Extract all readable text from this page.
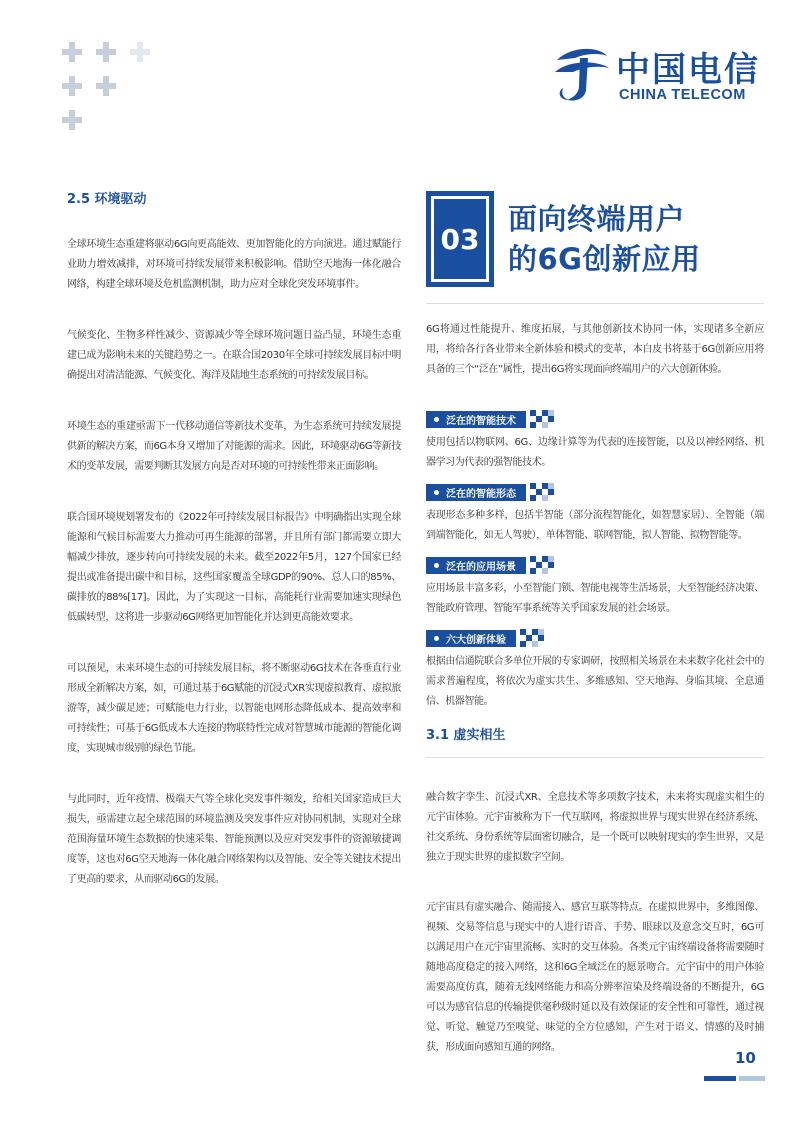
中国电信
CHINA TELECOM
2.5 环境驱动

全球环境生态重建将驱动6G向更高能效、更加智能化的方向演进。通过赋能行业助力增效减排，对环境可持续发展带来积极影响。借助空天地海一体化融合网络，构建全球环境及危机监测机制，助力应对全球化突发环境事件。

气候变化、生物多样性减少、资源减少等全球环境问题日益凸显，环境生态重建已成为影响未来的关键趋势之一。在联合国2030年全球可持续发展目标中明确提出对清洁能源、气候变化、海洋及陆地生态系统的可持续发展目标。

环境生态的重建亟需下一代移动通信等新技术变革，为生态系统可持续发展提供新的解决方案，而6G本身又增加了对能源的需求。因此，环境驱动6G等新技术的变革发展，需要判断其发展方向是否对环境的可持续性带来正面影响。

联合国环境规划署发布的《2022年可持续发展目标报告》中明确指出实现全球能源和气候目标需要大力推动可再生能源的部署，并且所有部门都需要立即大幅减少排放，逐步转向可持续发展的未来。截至2022年5月，127个国家已经提出或准备提出碳中和目标，这些国家覆盖全球GDP的90%、总人口的85%、碳排放的88%[17]。因此，为了实现这一目标，高能耗行业需要加速实现绿色低碳转型，这将进一步驱动6G网络更加智能化并达到更高能效要求。

可以预见，未来环境生态的可持续发展目标，将不断驱动6G技术在各垂直行业形成全新解决方案，如，可通过基于6G赋能的沉浸式XR实现虚拟教育、虚拟旅游等，减少碳足迹；可赋能电力行业，以智能电网形态降低成本、提高效率和可持续性；可基于6G低成本大连接的物联特性完成对智慧城市能源的智能化调度，实现城市级别的绿色节能。

与此同时，近年疫情、极端天气等全球化突发事件频发，给相关国家造成巨大损失，亟需建立起全球范围的环境监测及突发事件应对协同机制，实现对全球范围海量环境生态数据的快速采集、智能预测以及应对突发事件的资源敏捷调度等，这也对6G空天地海一体化融合网络架构以及智能、安全等关键技术提出了更高的要求，从而驱动6G的发展。

03
面向终端用户
的6G创新应用

6G将通过性能提升、维度拓展，与其他创新技术协同一体，实现诸多全新应用，将给各行各业带来全新体验和模式的变革，本白皮书将基于6G创新应用将具备的三个“泛在”属性，提出6G将实现面向终端用户的六大创新体验。

泛在的智能技术

使用包括以物联网、6G、边缘计算等为代表的连接智能，以及以神经网络、机器学习为代表的强智能技术。

泛在的智能形态

表现形态多种多样，包括半智能（部分流程智能化，如智慧家居）、全智能（端到端智能化，如无人驾驶），单体智能、联网智能，拟人智能、拟物智能等。

泛在的应用场景

应用场景丰富多彩，小至智能门锁、智能电视等生活场景，大至智能经济决策、智能政府管理、智能军事系统等关乎国家发展的社会场景。

六大创新体验

根据由信通院联合多单位开展的专家调研，按照相关场景在未来数字化社会中的需求普遍程度，将依次为虚实共生、多维感知、空天地海、身临其境、全息通信、机器智能。

3.1 虚实相生

融合数字孪生、沉浸式XR、全息技术等多项数字技术，未来将实现虚实相生的元宇宙体验。元宇宙被称为下一代互联网，将虚拟世界与现实世界在经济系统、社交系统、身份系统等层面密切融合，是一个既可以映射现实的孪生世界，又是独立于现实世界的虚拟数字空间。

元宇宙具有虚实融合、随需接入、感官互联等特点。在虚拟世界中，多维图像、视频、交易等信息与现实中的人进行语音、手势、眼球以及意念交互时，6G可以满足用户在元宇宙里流畅、实时的交互体验。各类元宇宙终端设备将需要随时随地高度稳定的接入网络，这和6G全域泛在的愿景吻合。元宇宙中的用户体验需要高度仿真，随着无线网络能力和高分辨率渲染及终端设备的不断提升，6G可以为感官信息的传输提供毫秒级时延以及有效保证的安全性和可靠性，通过视觉、听觉、触觉乃至嗅觉、味觉的全方位感知，产生对于语义、情感的及时捕获，形成面向感知互通的网络。

10
